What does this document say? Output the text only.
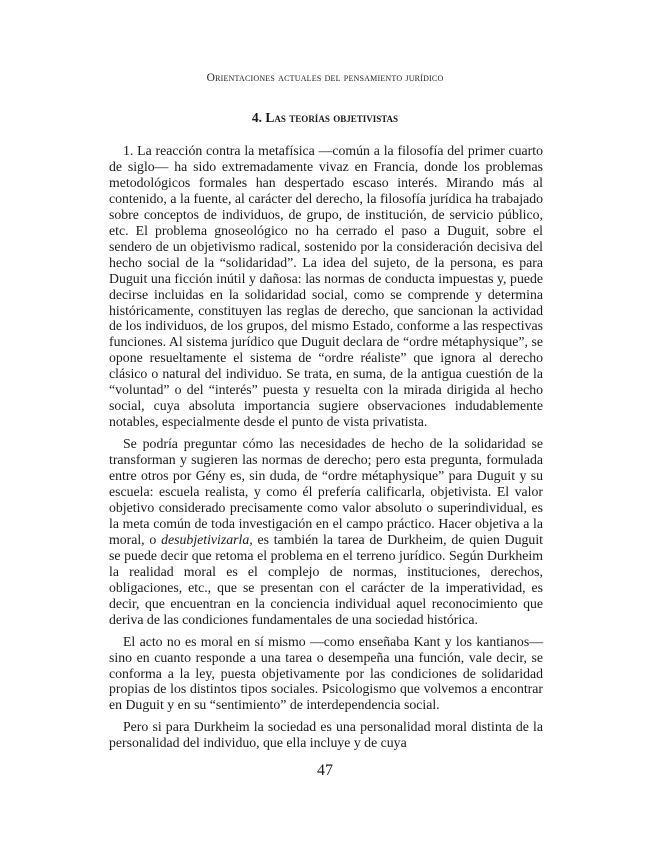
Orientaciones actuales del pensamiento jurídico
4. Las teorías objetivistas

1. La reacción contra la metafísica —común a la filosofía del primer cuarto de siglo— ha sido extremadamente vivaz en Francia, donde los problemas metodológicos formales han despertado escaso interés. Mirando más al contenido, a la fuente, al carácter del derecho, la filosofía jurídica ha trabajado sobre conceptos de individuos, de grupo, de institución, de servicio público, etc. El problema gnoseológico no ha cerrado el paso a Duguit, sobre el sendero de un objetivismo radical, sostenido por la consideración decisiva del hecho social de la “solidaridad”. La idea del sujeto, de la persona, es para Duguit una ficción inútil y dañosa: las normas de conducta impuestas y, puede decirse incluidas en la solidaridad social, como se comprende y determina históricamente, constituyen las reglas de derecho, que sancionan la actividad de los individuos, de los grupos, del mismo Estado, conforme a las respectivas funciones. Al sistema jurídico que Duguit declara de “ordre métaphysique”, se opone resueltamente el sistema de “ordre réaliste” que ignora al derecho clásico o natural del individuo. Se trata, en suma, de la antigua cuestión de la “voluntad” o del “interés” puesta y resuelta con la mirada dirigida al hecho social, cuya absoluta importancia sugiere observaciones indudablemente notables, especialmente desde el punto de vista privatista.

Se podría preguntar cómo las necesidades de hecho de la solidaridad se transforman y sugieren las normas de derecho; pero esta pregunta, formulada entre otros por Gény es, sin duda, de “ordre métaphysique” para Duguit y su escuela: escuela realista, y como él prefería calificarla, objetivista. El valor objetivo considerado precisamente como valor absoluto o superindividual, es la meta común de toda investigación en el campo práctico. Hacer objetiva a la moral, o desubjetivizarla, es también la tarea de Durkheim, de quien Duguit se puede decir que retoma el problema en el terreno jurídico. Según Durkheim la realidad moral es el complejo de normas, instituciones, derechos, obligaciones, etc., que se presentan con el carácter de la imperatividad, es decir, que encuentran en la conciencia individual aquel reconocimiento que deriva de las condiciones fundamentales de una sociedad histórica.

El acto no es moral en sí mismo —como enseñaba Kant y los kantianos— sino en cuanto responde a una tarea o desempeña una función, vale decir, se conforma a la ley, puesta objetivamente por las condiciones de solidaridad propias de los distintos tipos sociales. Psicologismo que volvemos a encontrar en Duguit y en su “sentimiento” de interdependencia social.

Pero si para Durkheim la sociedad es una personalidad moral distinta de la personalidad del individuo, que ella incluye y de cuya

47
